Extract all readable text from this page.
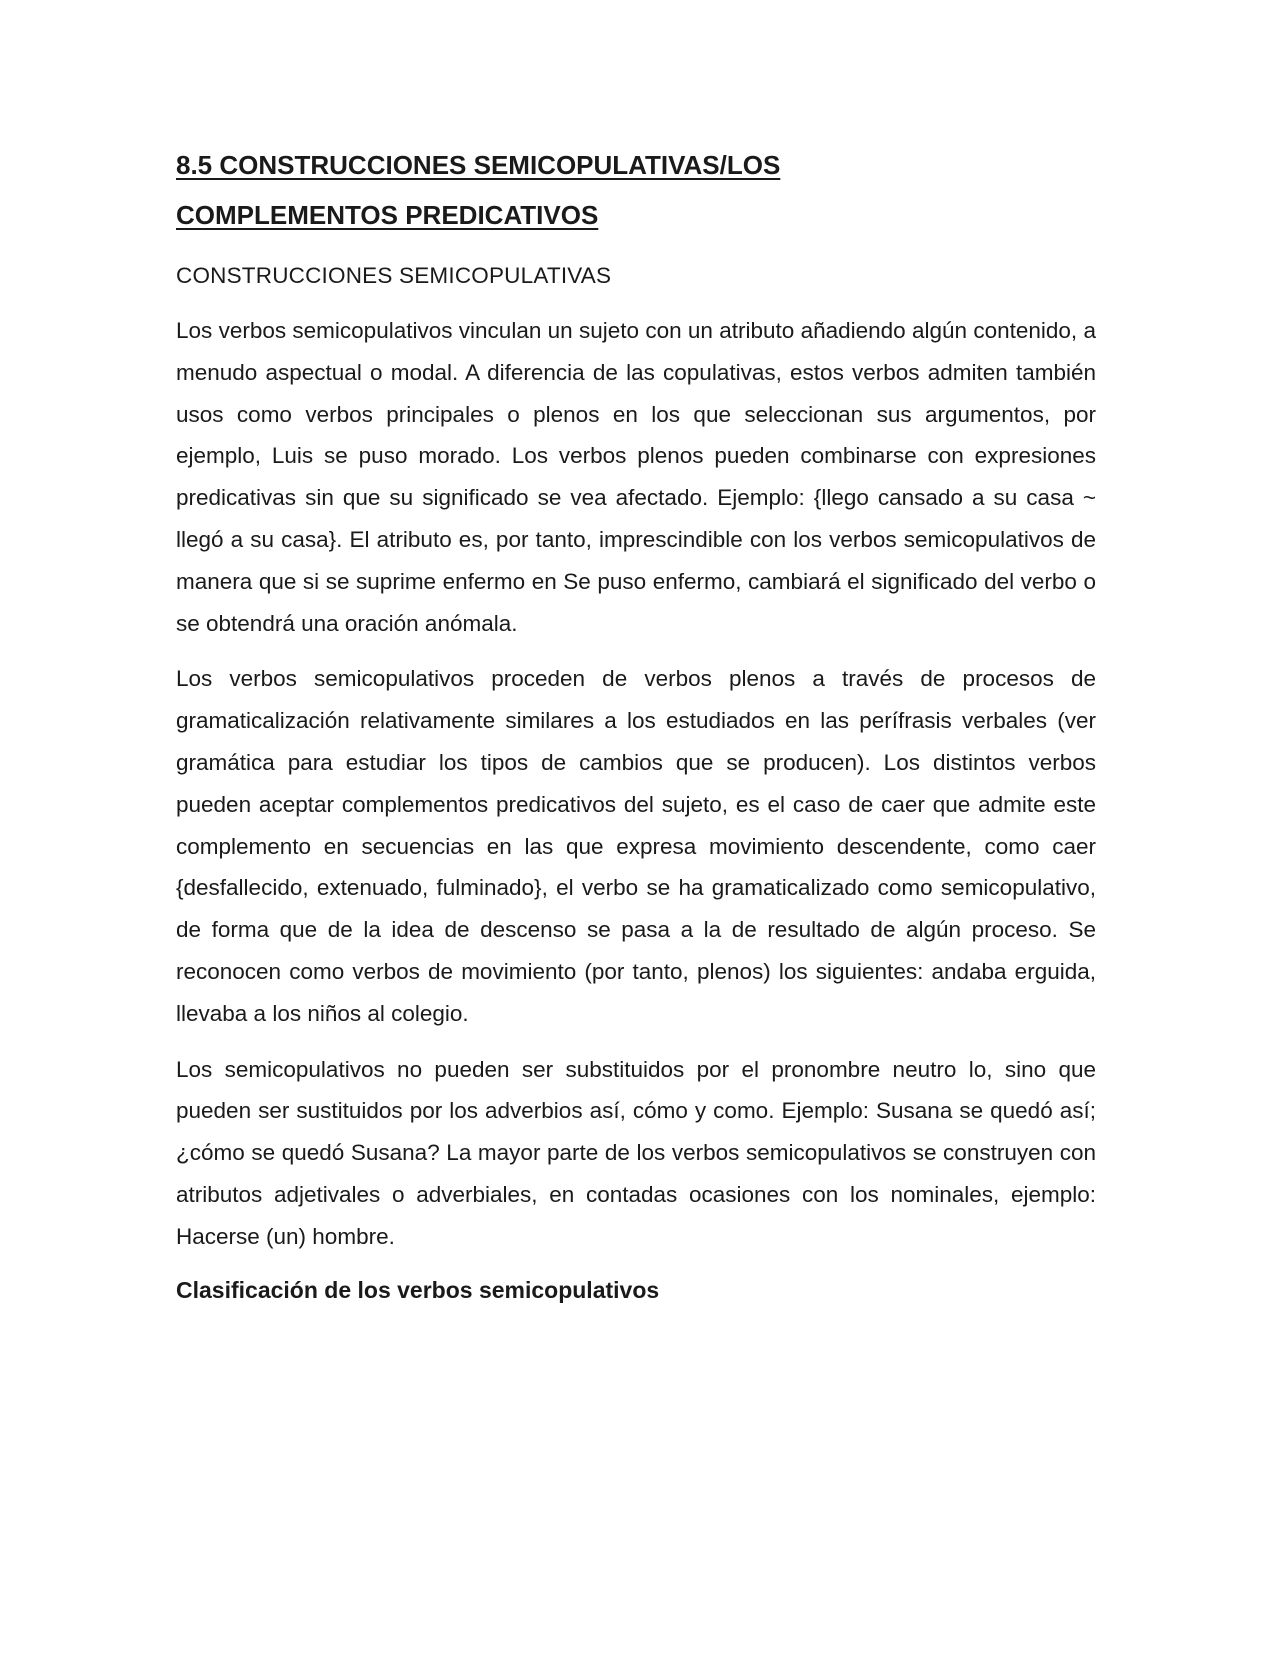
8.5 CONSTRUCCIONES SEMICOPULATIVAS/LOS
COMPLEMENTOS PREDICATIVOS
CONSTRUCCIONES SEMICOPULATIVAS

Los verbos semicopulativos vinculan un sujeto con un atributo añadiendo algún contenido, a menudo aspectual o modal. A diferencia de las copulativas, estos verbos admiten también usos como verbos principales o plenos en los que seleccionan sus argumentos, por ejemplo, Luis se puso morado. Los verbos plenos pueden combinarse con expresiones predicativas sin que su significado se vea afectado. Ejemplo: {llego cansado a su casa ~ llegó a su casa}. El atributo es, por tanto, imprescindible con los verbos semicopulativos de manera que si se suprime enfermo en Se puso enfermo, cambiará el significado del verbo o se obtendrá una oración anómala.

Los verbos semicopulativos proceden de verbos plenos a través de procesos de gramaticalización relativamente similares a los estudiados en las perífrasis verbales (ver gramática para estudiar los tipos de cambios que se producen). Los distintos verbos pueden aceptar complementos predicativos del sujeto, es el caso de caer que admite este complemento en secuencias en las que expresa movimiento descendente, como caer {desfallecido, extenuado, fulminado}, el verbo se ha gramaticalizado como semicopulativo, de forma que de la idea de descenso se pasa a la de resultado de algún proceso. Se reconocen como verbos de movimiento (por tanto, plenos) los siguientes: andaba erguida, llevaba a los niños al colegio.

Los semicopulativos no pueden ser substituidos por el pronombre neutro lo, sino que pueden ser sustituidos por los adverbios así, cómo y como. Ejemplo: Susana se quedó así; ¿cómo se quedó Susana? La mayor parte de los verbos semicopulativos se construyen con atributos adjetivales o adverbiales, en contadas ocasiones con los nominales, ejemplo: Hacerse (un) hombre.

Clasificación de los verbos semicopulativos
